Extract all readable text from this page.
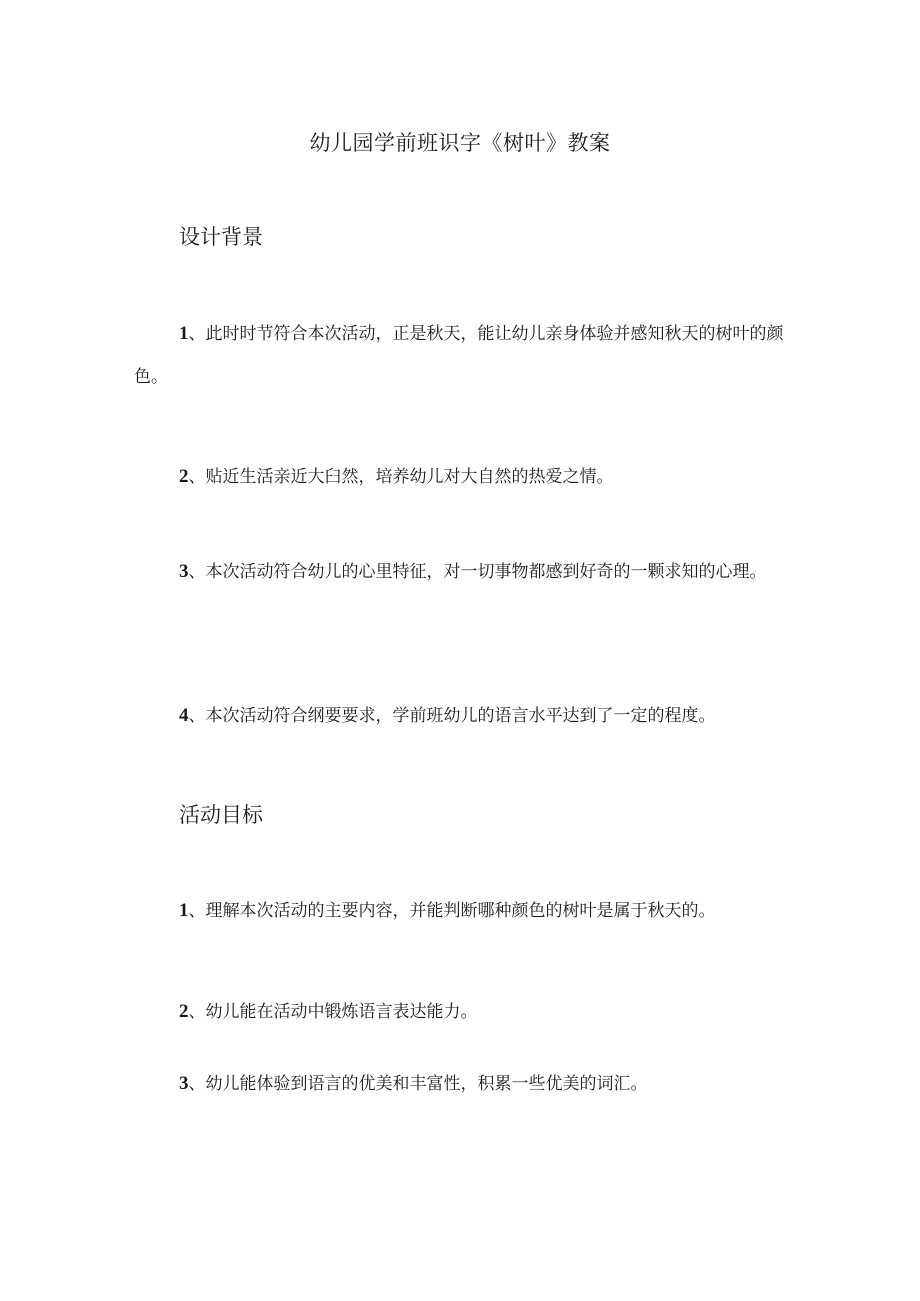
幼儿园学前班识字《树叶》教案
设计背景
1、此时时节符合本次活动，正是秋天，能让幼儿亲身体验并感知秋天的树叶的颜色。
2、贴近生活亲近大臼然，培养幼儿对大自然的热爱之情。
3、本次活动符合幼儿的心里特征，对一切事物都感到好奇的一颗求知的心理。
4、本次活动符合纲要要求，学前班幼儿的语言水平达到了一定的程度。
活动目标
1、理解本次活动的主要内容，并能判断哪种颜色的树叶是属于秋天的。
2、幼儿能在活动中锻炼语言表达能力。
3、幼儿能体验到语言的优美和丰富性，积累一些优美的词汇。
